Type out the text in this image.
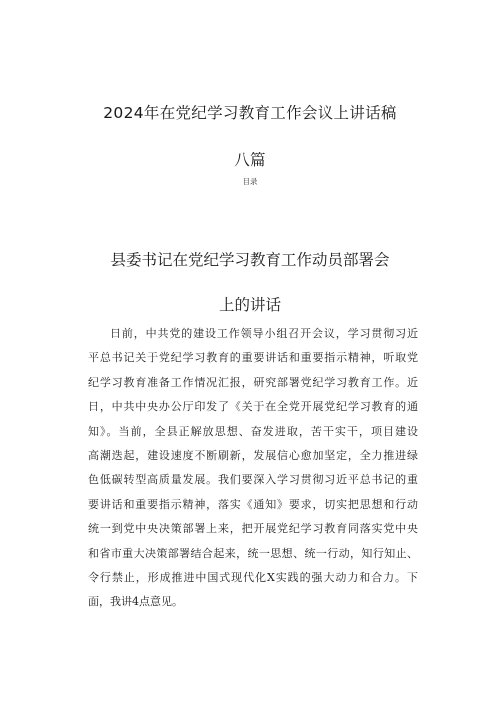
2024年在党纪学习教育工作会议上讲话稿
八篇
目录
县委书记在党纪学习教育工作动员部署会
上的讲话
日前，中共党的建设工作领导小组召开会议，学习贯彻习近
平总书记关于党纪学习教育的重要讲话和重要指示精神，听取党
纪学习教育准备工作情况汇报，研究部署党纪学习教育工作。近
日，中共中央办公厅印发了《关于在全党开展党纪学习教育的通
知》。当前，全县正解放思想、奋发进取，苦干实干，项目建设
高潮迭起，建设速度不断刷新，发展信心愈加坚定，全力推进绿
色低碳转型高质量发展。我们要深入学习贯彻习近平总书记的重
要讲话和重要指示精神，落实《通知》要求，切实把思想和行动
统一到党中央决策部署上来，把开展党纪学习教育同落实党中央
和省市重大决策部署结合起来，统一思想、统一行动，知行知止、
令行禁止，形成推进中国式现代化X实践的强大动力和合力。下
面，我讲4点意见。
